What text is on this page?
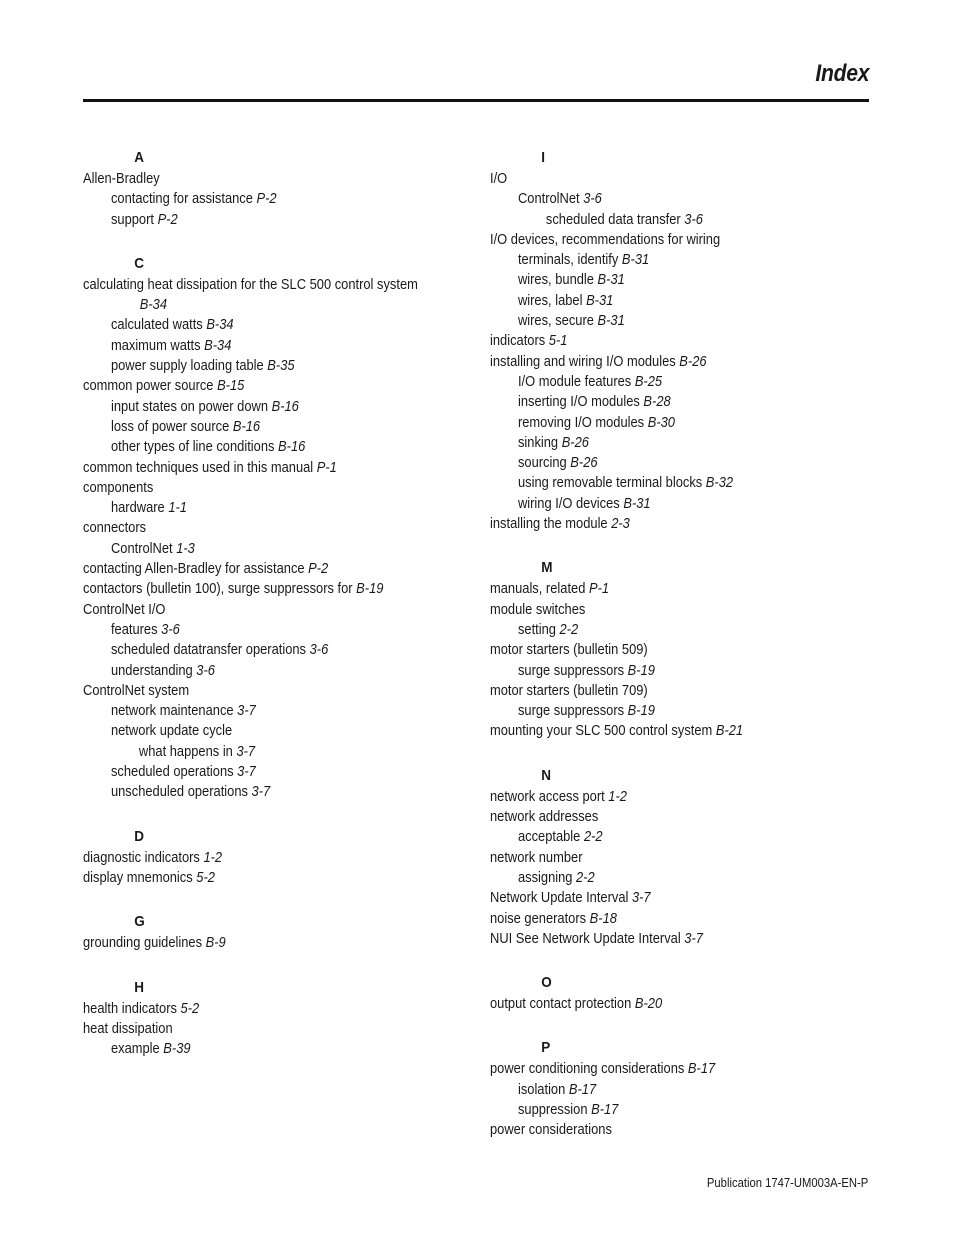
Index
A
Allen-Bradley
contacting for assistance P-2
support P-2
C
calculating heat dissipation for the SLC 500 control system
B-34
calculated watts B-34
maximum watts B-34
power supply loading table B-35
common power source B-15
input states on power down B-16
loss of power source B-16
other types of line conditions B-16
common techniques used in this manual P-1
components
hardware 1-1
connectors
ControlNet 1-3
contacting Allen-Bradley for assistance P-2
contactors (bulletin 100), surge suppressors for B-19
ControlNet I/O
features 3-6
scheduled datatransfer operations 3-6
understanding 3-6
ControlNet system
network maintenance 3-7
network update cycle
what happens in 3-7
scheduled operations 3-7
unscheduled operations 3-7
D
diagnostic indicators 1-2
display mnemonics 5-2
G
grounding guidelines B-9
H
health indicators 5-2
heat dissipation
example B-39
I
I/O
ControlNet 3-6
scheduled data transfer 3-6
I/O devices, recommendations for wiring
terminals, identify B-31
wires, bundle B-31
wires, label B-31
wires, secure B-31
indicators 5-1
installing and wiring I/O modules B-26
I/O module features B-25
inserting I/O modules B-28
removing I/O modules B-30
sinking B-26
sourcing B-26
using removable terminal blocks B-32
wiring I/O devices B-31
installing the module 2-3
M
manuals, related P-1
module switches
setting 2-2
motor starters (bulletin 509)
surge suppressors B-19
motor starters (bulletin 709)
surge suppressors B-19
mounting your SLC 500 control system B-21
N
network access port 1-2
network addresses
acceptable 2-2
network number
assigning 2-2
Network Update Interval 3-7
noise generators B-18
NUI See Network Update Interval 3-7
O
output contact protection B-20
P
power conditioning considerations B-17
isolation B-17
suppression B-17
power considerations
Publication 1747-UM003A-EN-P
